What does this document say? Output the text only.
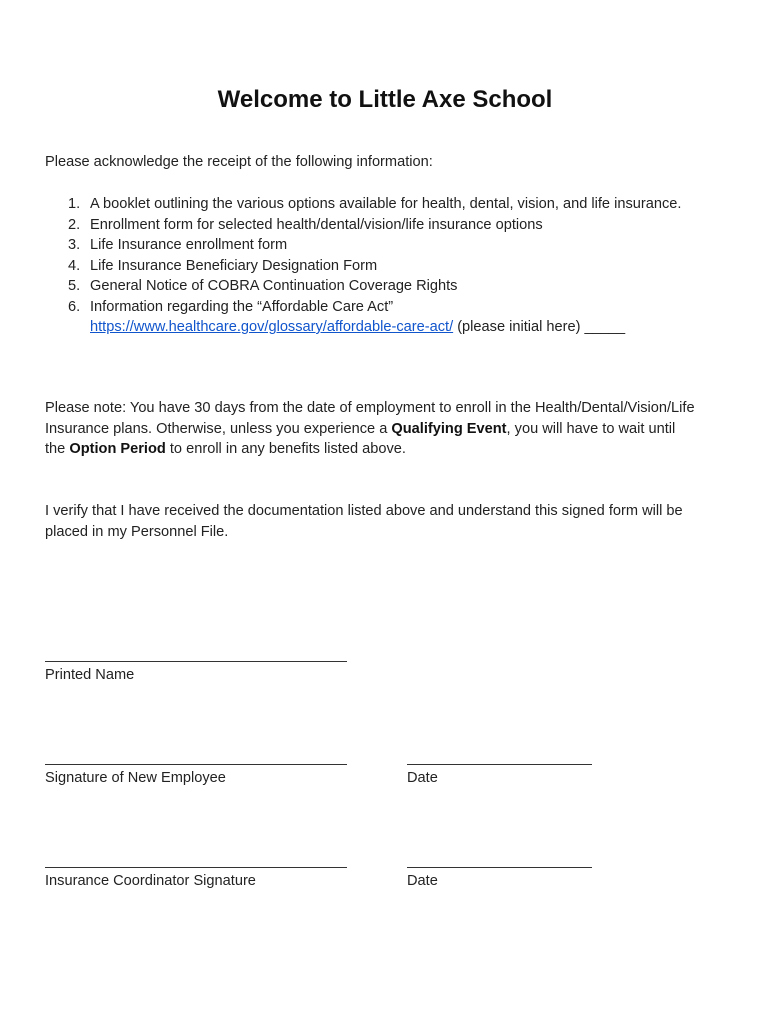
Welcome to Little Axe School
Please acknowledge the receipt of the following information:
1. A booklet outlining the various options available for health, dental, vision, and life insurance.
2. Enrollment form for selected health/dental/vision/life insurance options
3. Life Insurance enrollment form
4. Life Insurance Beneficiary Designation Form
5. General Notice of COBRA Continuation Coverage Rights
6. Information regarding the “Affordable Care Act”
https://www.healthcare.gov/glossary/affordable-care-act/ (please initial here) _____
Please note: You have 30 days from the date of employment to enroll in the Health/Dental/Vision/Life
Insurance plans. Otherwise, unless you experience a Qualifying Event, you will have to wait until
the Option Period to enroll in any benefits listed above.
I verify that I have received the documentation listed above and understand this signed form will be
placed in my Personnel File.
Printed Name
Signature of New Employee	Date
Insurance Coordinator Signature	Date
